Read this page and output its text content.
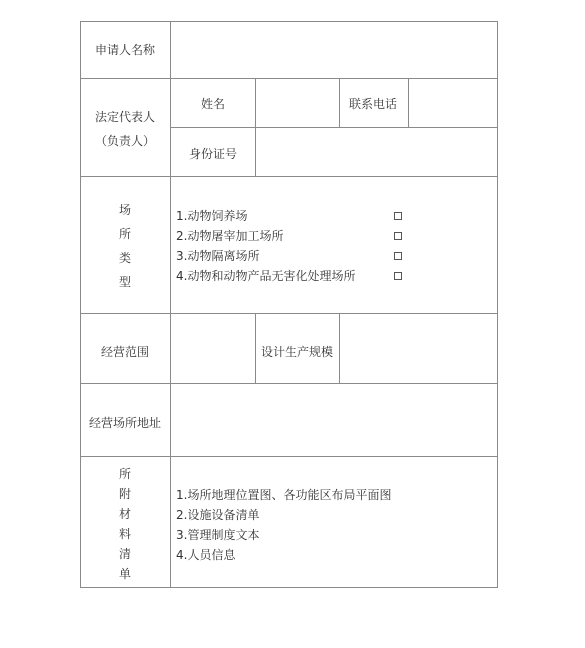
申请人名称
法定代表人
（负责人）
姓名	联系电话
身份证号
场
所
类
型
1.动物饲养场
2.动物屠宰加工场所
3.动物隔离场所
4.动物和动物产品无害化处理场所
经营范围	设计生产规模
经营场所地址
所
附
材
料
清
单
1.场所地理位置图、各功能区布局平面图
2.设施设备清单
3.管理制度文本
4.人员信息
